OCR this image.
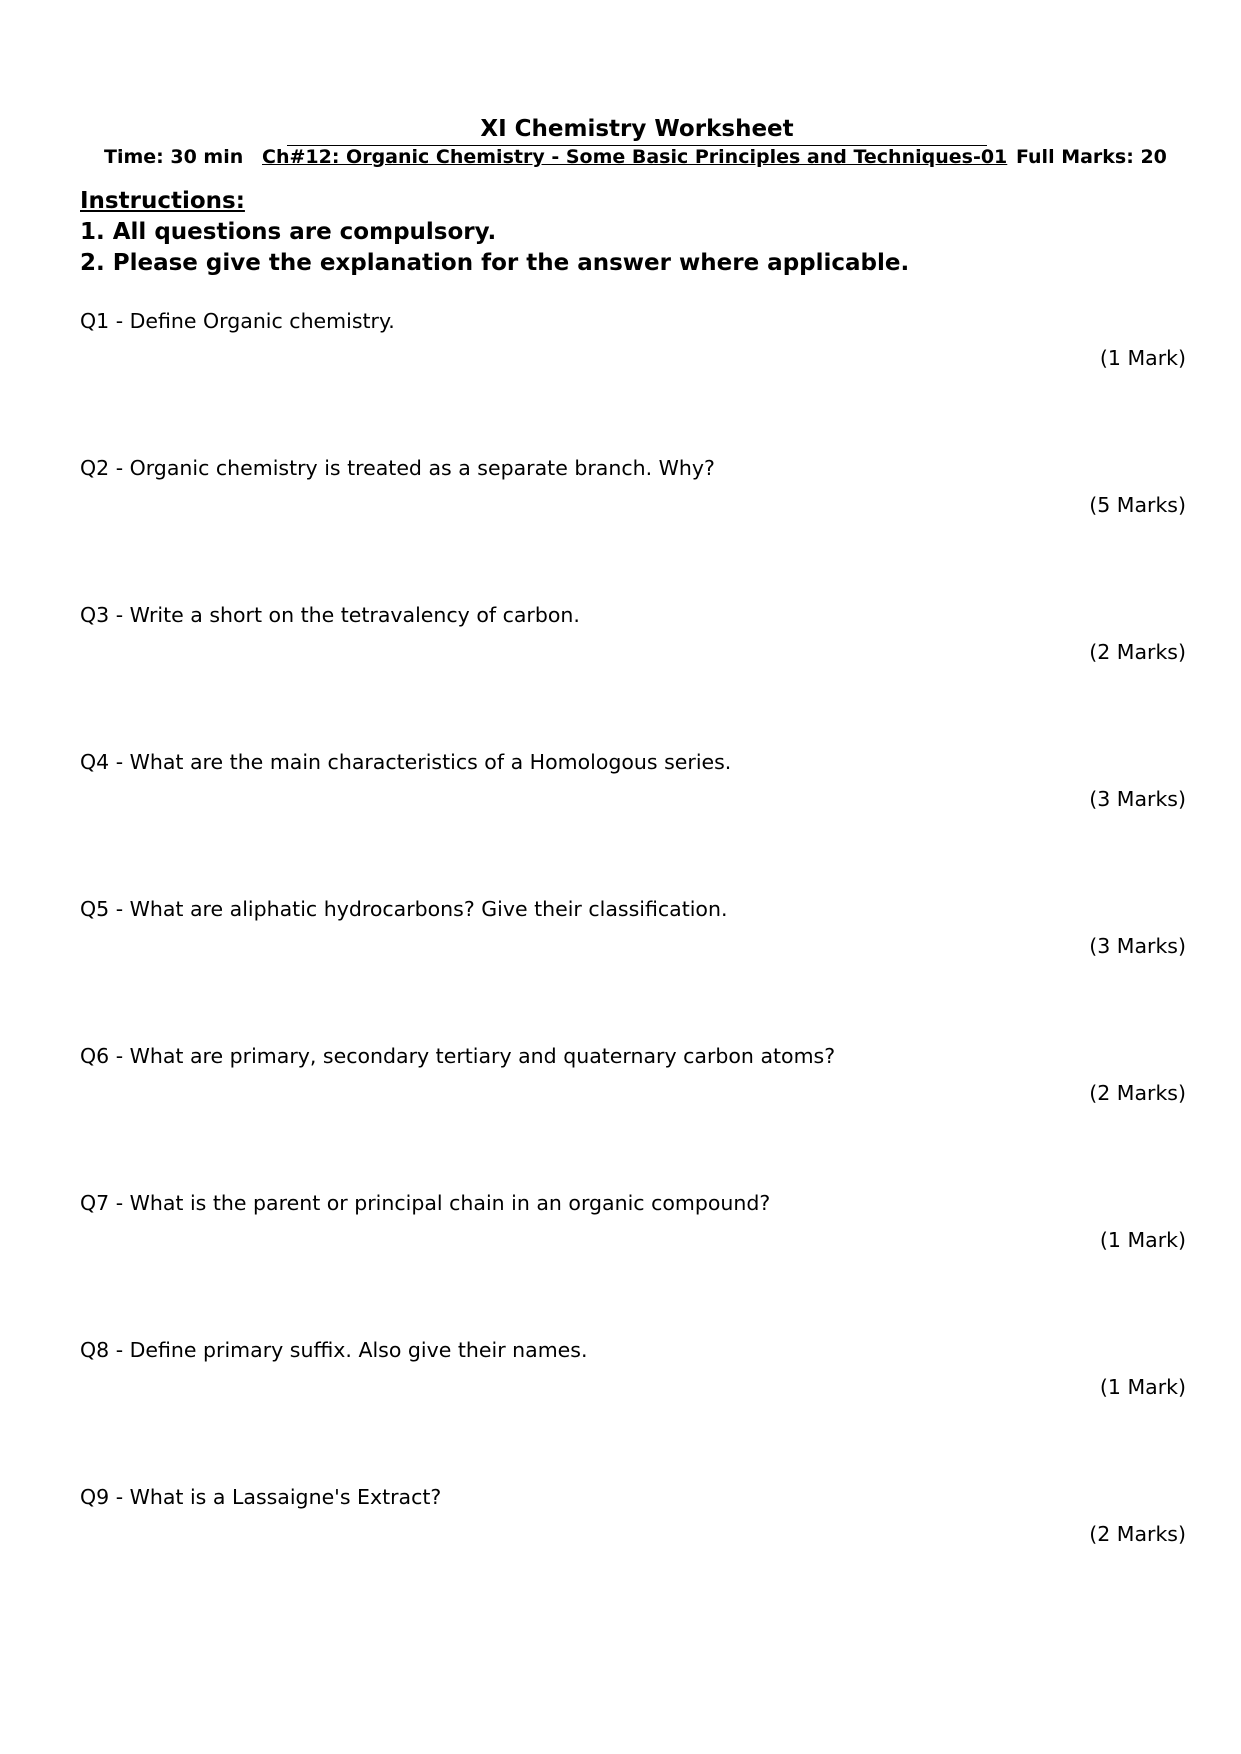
XI Chemistry Worksheet
Time: 30 min Ch#12: Organic Chemistry - Some Basic Principles and Techniques-01 Full Marks: 20
Instructions:
1. All questions are compulsory.
2. Please give the explanation for the answer where applicable.
Q1 - Define Organic chemistry.
(1 Mark)
Q2 - Organic chemistry is treated as a separate branch. Why?
(5 Marks)
Q3 - Write a short on the tetravalency of carbon.
(2 Marks)
Q4 - What are the main characteristics of a Homologous series.
(3 Marks)
Q5 - What are aliphatic hydrocarbons? Give their classification.
(3 Marks)
Q6 - What are primary, secondary tertiary and quaternary carbon atoms?
(2 Marks)
Q7 - What is the parent or principal chain in an organic compound?
(1 Mark)
Q8 - Define primary suffix. Also give their names.
(1 Mark)
Q9 - What is a Lassaigne's Extract?
(2 Marks)
